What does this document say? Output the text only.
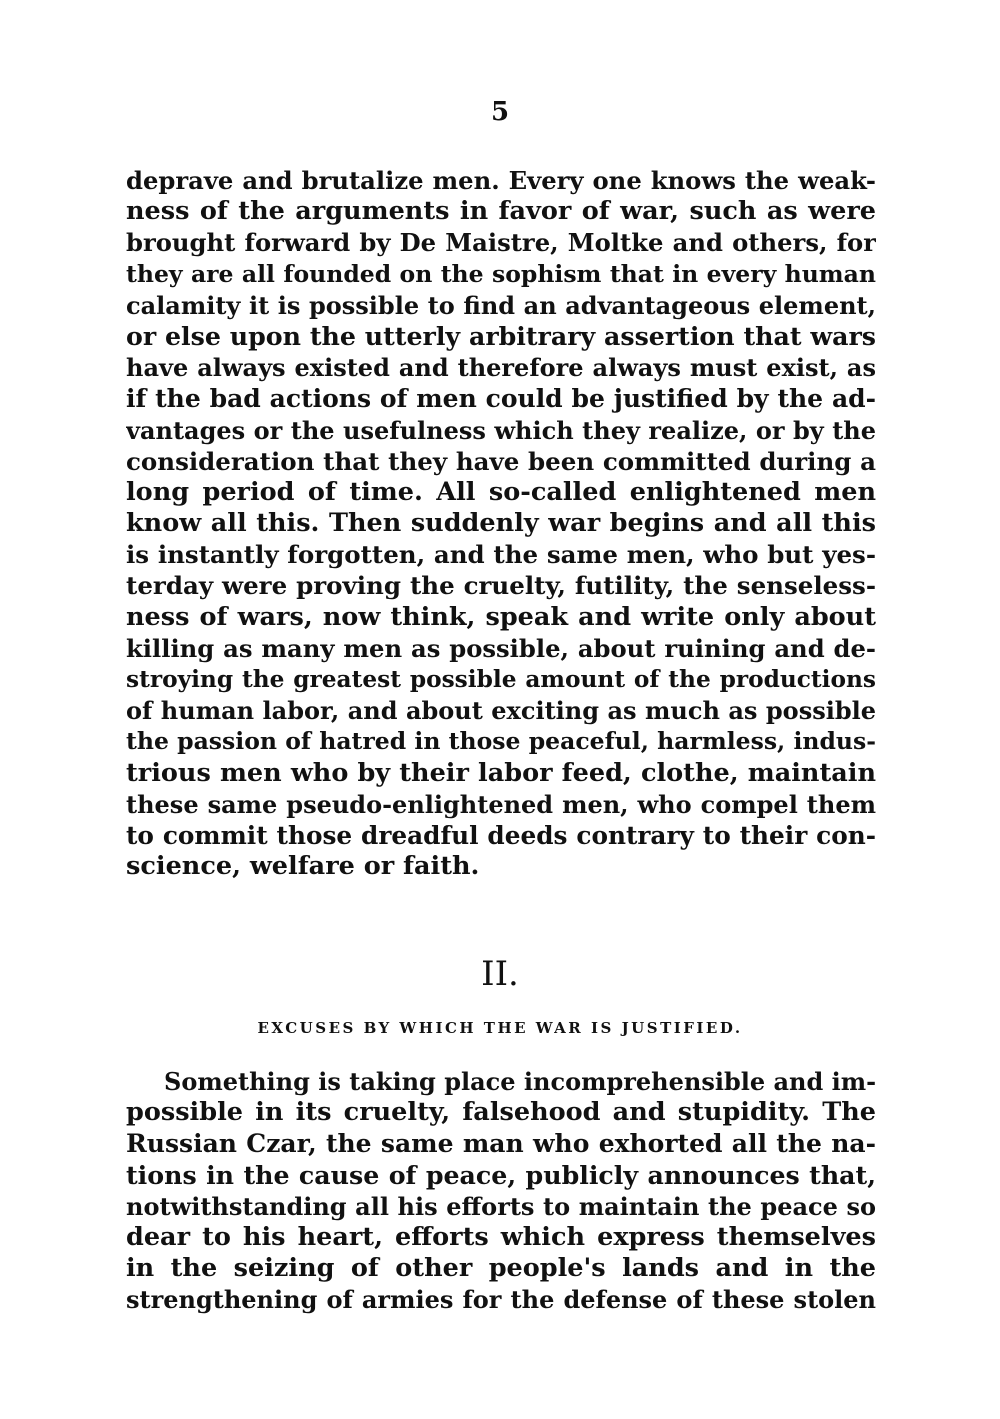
5
deprave and brutalize men. Every one knows the weak-
ness of the arguments in favor of war, such as were
brought forward by De Maistre, Moltke and others, for
they are all founded on the sophism that in every human
calamity it is possible to find an advantageous element,
or else upon the utterly arbitrary assertion that wars
have always existed and therefore always must exist, as
if the bad actions of men could be justified by the ad-
vantages or the usefulness which they realize, or by the
consideration that they have been committed during a
long period of time. All so-called enlightened men
know all this. Then suddenly war begins and all this
is instantly forgotten, and the same men, who but yes-
terday were proving the cruelty, futility, the senseless-
ness of wars, now think, speak and write only about
killing as many men as possible, about ruining and de-
stroying the greatest possible amount of the productions
of human labor, and about exciting as much as possible
the passion of hatred in those peaceful, harmless, indus-
trious men who by their labor feed, clothe, maintain
these same pseudo-enlightened men, who compel them
to commit those dreadful deeds contrary to their con-
science, welfare or faith.
II.
EXCUSES BY WHICH THE WAR IS JUSTIFIED.
Something is taking place incomprehensible and im-
possible in its cruelty, falsehood and stupidity. The
Russian Czar, the same man who exhorted all the na-
tions in the cause of peace, publicly announces that,
notwithstanding all his efforts to maintain the peace so
dear to his heart, efforts which express themselves
in the seizing of other people's lands and in the
strengthening of armies for the defense of these stolen
